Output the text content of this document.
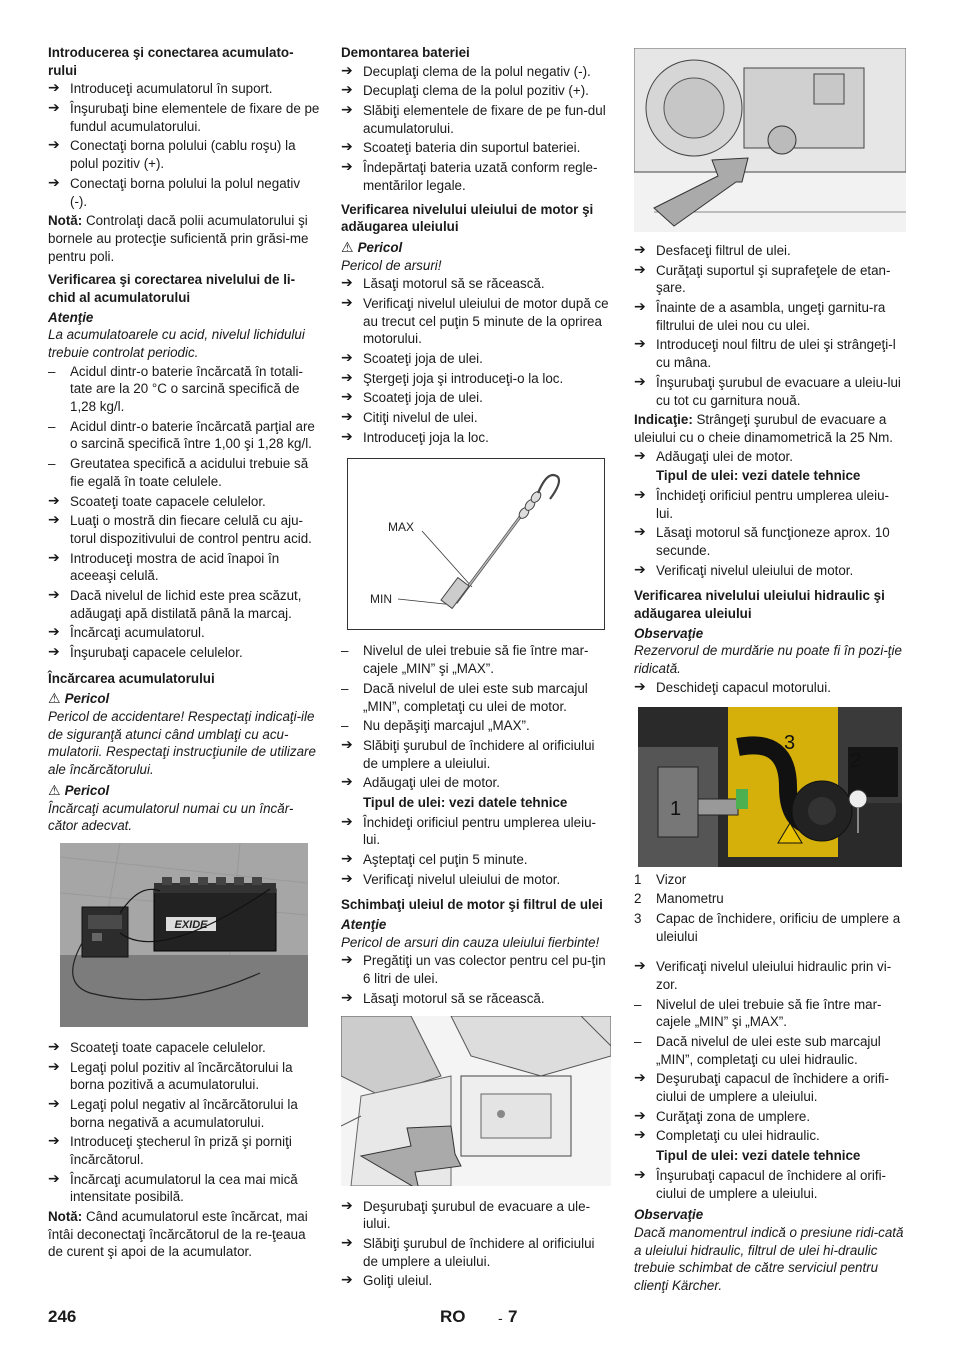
Introducerea şi conectarea acumulato-rului
➔ Introduceţi acumulatorul în suport.
➔ Înşurubaţi bine elementele de fixare de pe fundul acumulatorului.
➔ Conectaţi borna polului (cablu roşu) la polul pozitiv (+).
➔ Conectaţi borna polului la polul negativ (-).
Notă: Controlaţi dacă polii acumulatorului şi bornele au protecţie suficientă prin grăsi-me pentru poli.
Verificarea şi corectarea nivelului de li-chid al acumulatorului
Atenţie
La acumulatoarele cu acid, nivelul lichidului trebuie controlat periodic.
–	Acidul dintr-o baterie încărcată în totali-tate are la 20 °C o sarcină specifică de 1,28 kg/l.
–	Acidul dintr-o baterie încărcată parţial are o sarcină specifică între 1,00 şi 1,28 kg/l.
–	Greutatea specifică a acidului trebuie să fie egală în toate celulele.
➔ Scoateţi toate capacele celulelor.
➔ Luaţi o mostră din fiecare celulă cu aju-torul dispozitivului de control pentru acid.
➔ Introduceţi mostra de acid înapoi în aceeaşi celulă.
➔ Dacă nivelul de lichid este prea scăzut, adăugaţi apă distilată până la marcaj.
➔ Încărcaţi acumulatorul.
➔ Înşurubaţi capacele celulelor.
Încărcarea acumulatorului
⚠ Pericol
Pericol de accidentare! Respectaţi indicaţi-ile de siguranţă atunci când umblaţi cu acu-mulatorii. Respectaţi instrucţiunile de utilizare ale încărcătorului.
⚠ Pericol
Încărcaţi acumulatorul numai cu un încăr-cător adecvat.
EXIDE
➔ Scoateţi toate capacele celulelor.
➔ Legaţi polul pozitiv al încărcătorului la borna pozitivă a acumulatorului.
➔ Legaţi polul negativ al încărcătorului la borna negativă a acumulatorului.
➔ Introduceţi ştecherul în priză şi porniţi încărcătorul.
➔ Încărcaţi acumulatorul la cea mai mică intensitate posibilă.
Notă: Când acumulatorul este încărcat, mai întâi deconectaţi încărcătorul de la re-ţeaua de curent şi apoi de la acumulator.
Demontarea bateriei
➔ Decuplaţi clema de la polul negativ (-).
➔ Decuplaţi clema de la polul pozitiv (+).
➔ Slăbiţi elementele de fixare de pe fun-dul acumulatorului.
➔ Scoateţi bateria din suportul bateriei.
➔ Îndepărtaţi bateria uzată conform regle-mentărilor legale.
Verificarea nivelului uleiului de motor şi adăugarea uleiului
⚠ Pericol
Pericol de arsuri!
➔ Lăsaţi motorul să se răcească.
➔ Verificaţi nivelul uleiului de motor după ce au trecut cel puţin 5 minute de la oprirea motorului.
➔ Scoateţi joja de ulei.
➔ Ştergeţi joja şi introduceţi-o la loc.
➔ Scoateţi joja de ulei.
➔ Citiţi nivelul de ulei.
➔ Introduceţi joja la loc.
MAX
MIN
–	Nivelul de ulei trebuie să fie între mar-cajele „MIN” şi „MAX”.
–	Dacă nivelul de ulei este sub marcajul „MIN”, completaţi cu ulei de motor.
–	Nu depăşiţi marcajul „MAX”.
➔ Slăbiţi şurubul de închidere al orificiului de umplere a uleiului.
➔ Adăugaţi ulei de motor.
Tipul de ulei: vezi datele tehnice
➔ Închideţi orificiul pentru umplerea uleiu-lui.
➔ Aşteptaţi cel puţin 5 minute.
➔ Verificaţi nivelul uleiului de motor.
Schimbaţi uleiul de motor şi filtrul de ulei
Atenţie
Pericol de arsuri din cauza uleiului fierbinte!
➔ Pregătiţi un vas colector pentru cel pu-ţin 6 litri de ulei.
➔ Lăsaţi motorul să se răcească.
➔ Deşurubaţi şurubul de evacuare a ule-iului.
➔ Slăbiţi şurubul de închidere al orificiului de umplere a uleiului.
➔ Goliţi uleiul.
➔ Desfaceţi filtrul de ulei.
➔ Curăţaţi suportul şi suprafeţele de etan-şare.
➔ Înainte de a asambla, ungeţi garnitu-ra filtrului de ulei nou cu ulei.
➔ Introduceţi noul filtru de ulei şi strângeţi-l cu mâna.
➔ Înşurubaţi şurubul de evacuare a uleiu-lui cu tot cu garnitura nouă.
Indicaţie: Strângeţi şurubul de evacuare a uleiului cu o cheie dinamometrică la 25 Nm.
➔ Adăugaţi ulei de motor.
Tipul de ulei: vezi datele tehnice
➔ Închideţi orificiul pentru umplerea uleiu-lui.
➔ Lăsaţi motorul să funcţioneze aprox. 10 secunde.
➔ Verificaţi nivelul uleiului de motor.
Verificarea nivelului uleiului hidraulic şi adăugarea uleiului
Observaţie
Rezervorul de murdărie nu poate fi în pozi-ţie ridicată.
➔ Deschideţi capacul motorului.
3
2
1
1	Vizor
2	Manometru
3	Capac de închidere, orificiu de umplere a uleiului
➔ Verificaţi nivelul uleiului hidraulic prin vi-zor.
–	Nivelul de ulei trebuie să fie între mar-cajele „MIN” şi „MAX”.
–	Dacă nivelul de ulei este sub marcajul „MIN”, completaţi cu ulei hidraulic.
➔ Deşurubaţi capacul de închidere a orifi-ciului de umplere a uleiului.
➔ Curăţaţi zona de umplere.
➔ Completaţi cu ulei hidraulic.
Tipul de ulei: vezi datele tehnice
➔ Înşurubaţi capacul de închidere al orifi-ciului de umplere a uleiului.
Observaţie
Dacă manomentrul indică o presiune ridi-cată a uleiului hidraulic, filtrul de ulei hi-draulic trebuie schimbat de către serviciul pentru clienţi Kärcher.
246	RO - 7
